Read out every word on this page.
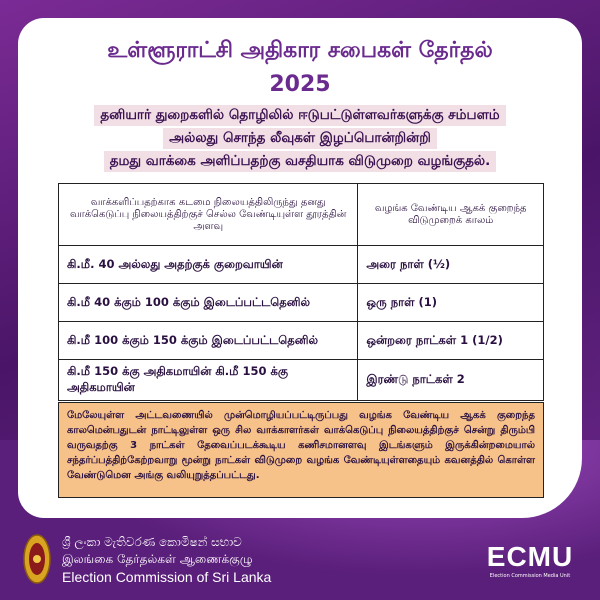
உள்ளூராட்சி அதிகார சபைகள் தேர்தல்
2025
தனியார் துறைகளில் தொழிலில் ஈடுபட்டுள்ளவர்களுக்கு சம்பளம்
அல்லது சொந்த லீவுகள் இழப்பொன்றின்றி
தமது வாக்கை அளிப்பதற்கு வசதியாக விடுமுறை வழங்குதல்.
வாக்களிப்பதற்காக கடமை நிலையத்திலிருந்து தனது வாக்கெடுப்பு நிலையத்திற்குச் செல்ல வேண்டியுள்ள தூரத்தின் அளவு	வழங்க வேண்டிய ஆகக் குறைந்த விடுமுறைக் காலம்
கி.மீ. 40 அல்லது அதற்குக் குறைவாயின்	அரை நாள் (½)
கி.மீ 40 க்கும் 100 க்கும் இடைப்பட்டதெனில்	ஒரு நாள் (1)
கி.மீ 100 க்கும் 150 க்கும் இடைப்பட்டதெனில்	ஒன்றரை நாட்கள் 1 (1/2)
கி.மீ 150 க்கு அதிகமாயின் கி.மீ 150 க்கு அதிகமாயின்	இரண்டு நாட்கள் 2
மேலேயுள்ள அட்டவணையில் முன்மொழியப்பட்டிருப்பது வழங்க வேண்டிய ஆகக் குறைந்த காலமென்பதுடன் நாட்டிலுள்ள ஒரு சில வாக்காளர்கள் வாக்கெடுப்பு நிலையத்திற்குச் சென்று திரும்பி வருவதற்கு 3 நாட்கள் தேவைப்படக்கூடிய கணிசமானளவு இடங்களும் இருக்கின்றமையால் சந்தர்ப்பத்திற்கேற்றவாறு மூன்று நாட்கள் விடுமுறை வழங்க வேண்டியுள்ளதையும் கவனத்தில் கொள்ள வேண்டுமென அங்கு வலியுறுத்தப்பட்டது.
ශ්‍රී ලංකා මැතිවරණ කොමිෂන් සභාව
இலங்கை தேர்தல்கள் ஆணைக்குழு
Election Commission of Sri Lanka
ECMU
Election Commission Media Unit
